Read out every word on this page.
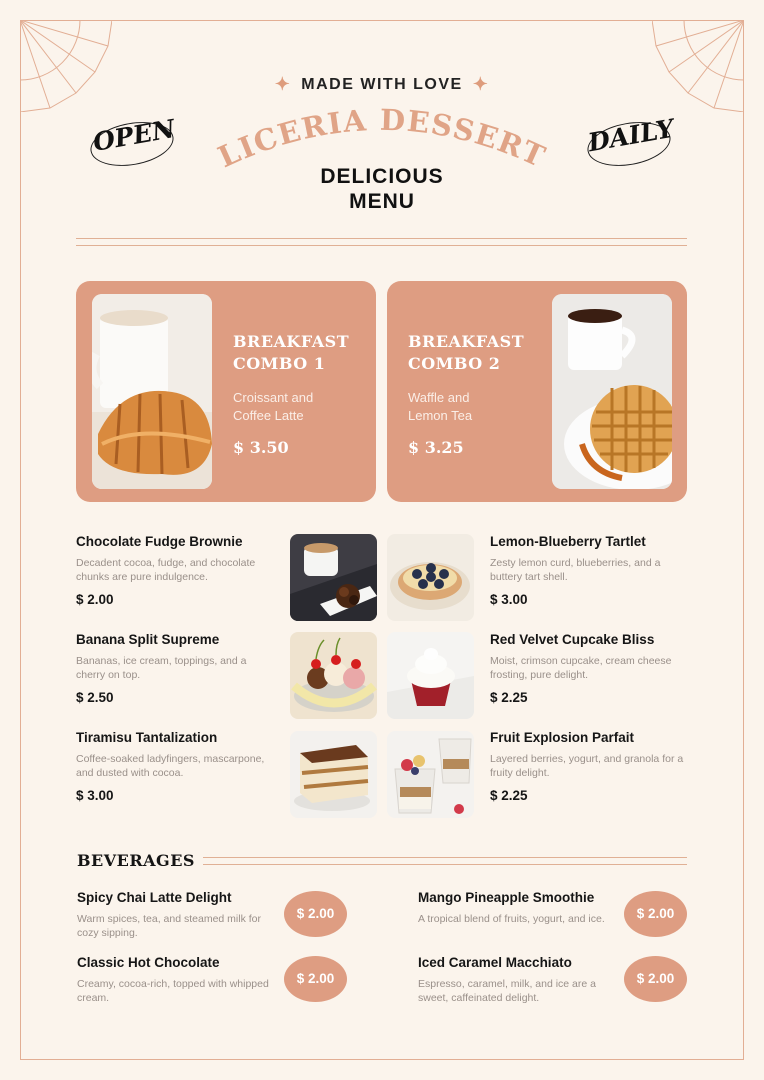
✦ MADE WITH LOVE ✦
OPEN	DAILY
LICERIA DESSERT
DELICIOUS
MENU
BREAKFAST
COMBO 1
Croissant and
Coffee Latte
$ 3.50
BREAKFAST
COMBO 2
Waffle and
Lemon Tea
$ 3.25
Chocolate Fudge Brownie
Decadent cocoa, fudge, and chocolate chunks are pure indulgence.
$ 2.00
Banana Split Supreme
Bananas, ice cream, toppings, and a cherry on top.
$ 2.50
Tiramisu Tantalization
Coffee-soaked ladyfingers, mascarpone, and dusted with cocoa.
$ 3.00
Lemon-Blueberry Tartlet
Zesty lemon curd, blueberries, and a buttery tart shell.
$ 3.00
Red Velvet Cupcake Bliss
Moist, crimson cupcake, cream cheese frosting, pure delight.
$ 2.25
Fruit Explosion Parfait
Layered berries, yogurt, and granola for a fruity delight.
$ 2.25
BEVERAGES
Spicy Chai Latte Delight
Warm spices, tea, and steamed milk for cozy sipping.
$ 2.00
Classic Hot Chocolate
Creamy, cocoa-rich, topped with whipped cream.
$ 2.00
Mango Pineapple Smoothie
A tropical blend of fruits, yogurt, and ice.	$ 2.00
Iced Caramel Macchiato
Espresso, caramel, milk, and ice are a sweet, caffeinated delight.
$ 2.00
